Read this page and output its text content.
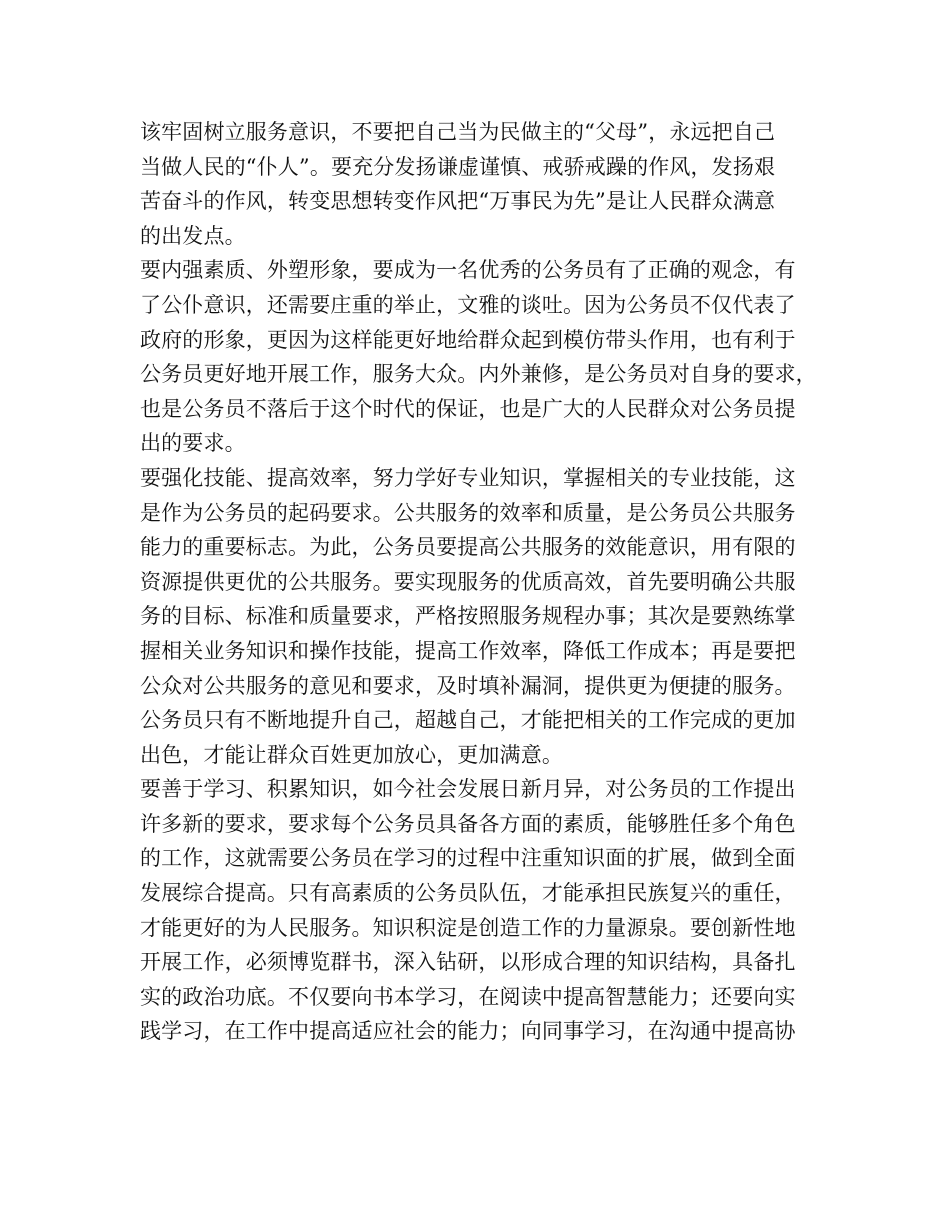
该牢固树立服务意识，不要把自己当为民做主的“父母”，永远把自己
当做人民的“仆人”。要充分发扬谦虚谨慎、戒骄戒躁的作风，发扬艰
苦奋斗的作风，转变思想转变作风把“万事民为先”是让人民群众满意
的出发点。
要内强素质、外塑形象，要成为一名优秀的公务员有了正确的观念，有
了公仆意识，还需要庄重的举止，文雅的谈吐。因为公务员不仅代表了
政府的形象，更因为这样能更好地给群众起到模仿带头作用，也有利于
公务员更好地开展工作，服务大众。内外兼修，是公务员对自身的要求，
也是公务员不落后于这个时代的保证，也是广大的人民群众对公务员提
出的要求。
要强化技能、提高效率，努力学好专业知识，掌握相关的专业技能，这
是作为公务员的起码要求。公共服务的效率和质量，是公务员公共服务
能力的重要标志。为此，公务员要提高公共服务的效能意识，用有限的
资源提供更优的公共服务。要实现服务的优质高效，首先要明确公共服
务的目标、标准和质量要求，严格按照服务规程办事；其次是要熟练掌
握相关业务知识和操作技能，提高工作效率，降低工作成本；再是要把
公众对公共服务的意见和要求，及时填补漏洞，提供更为便捷的服务。
公务员只有不断地提升自己，超越自己，才能把相关的工作完成的更加
出色，才能让群众百姓更加放心，更加满意。
要善于学习、积累知识，如今社会发展日新月异，对公务员的工作提出
许多新的要求，要求每个公务员具备各方面的素质，能够胜任多个角色
的工作，这就需要公务员在学习的过程中注重知识面的扩展，做到全面
发展综合提高。只有高素质的公务员队伍，才能承担民族复兴的重任，
才能更好的为人民服务。知识积淀是创造工作的力量源泉。要创新性地
开展工作，必须博览群书，深入钻研，以形成合理的知识结构，具备扎
实的政治功底。不仅要向书本学习，在阅读中提高智慧能力；还要向实
践学习，在工作中提高适应社会的能力；向同事学习，在沟通中提高协
